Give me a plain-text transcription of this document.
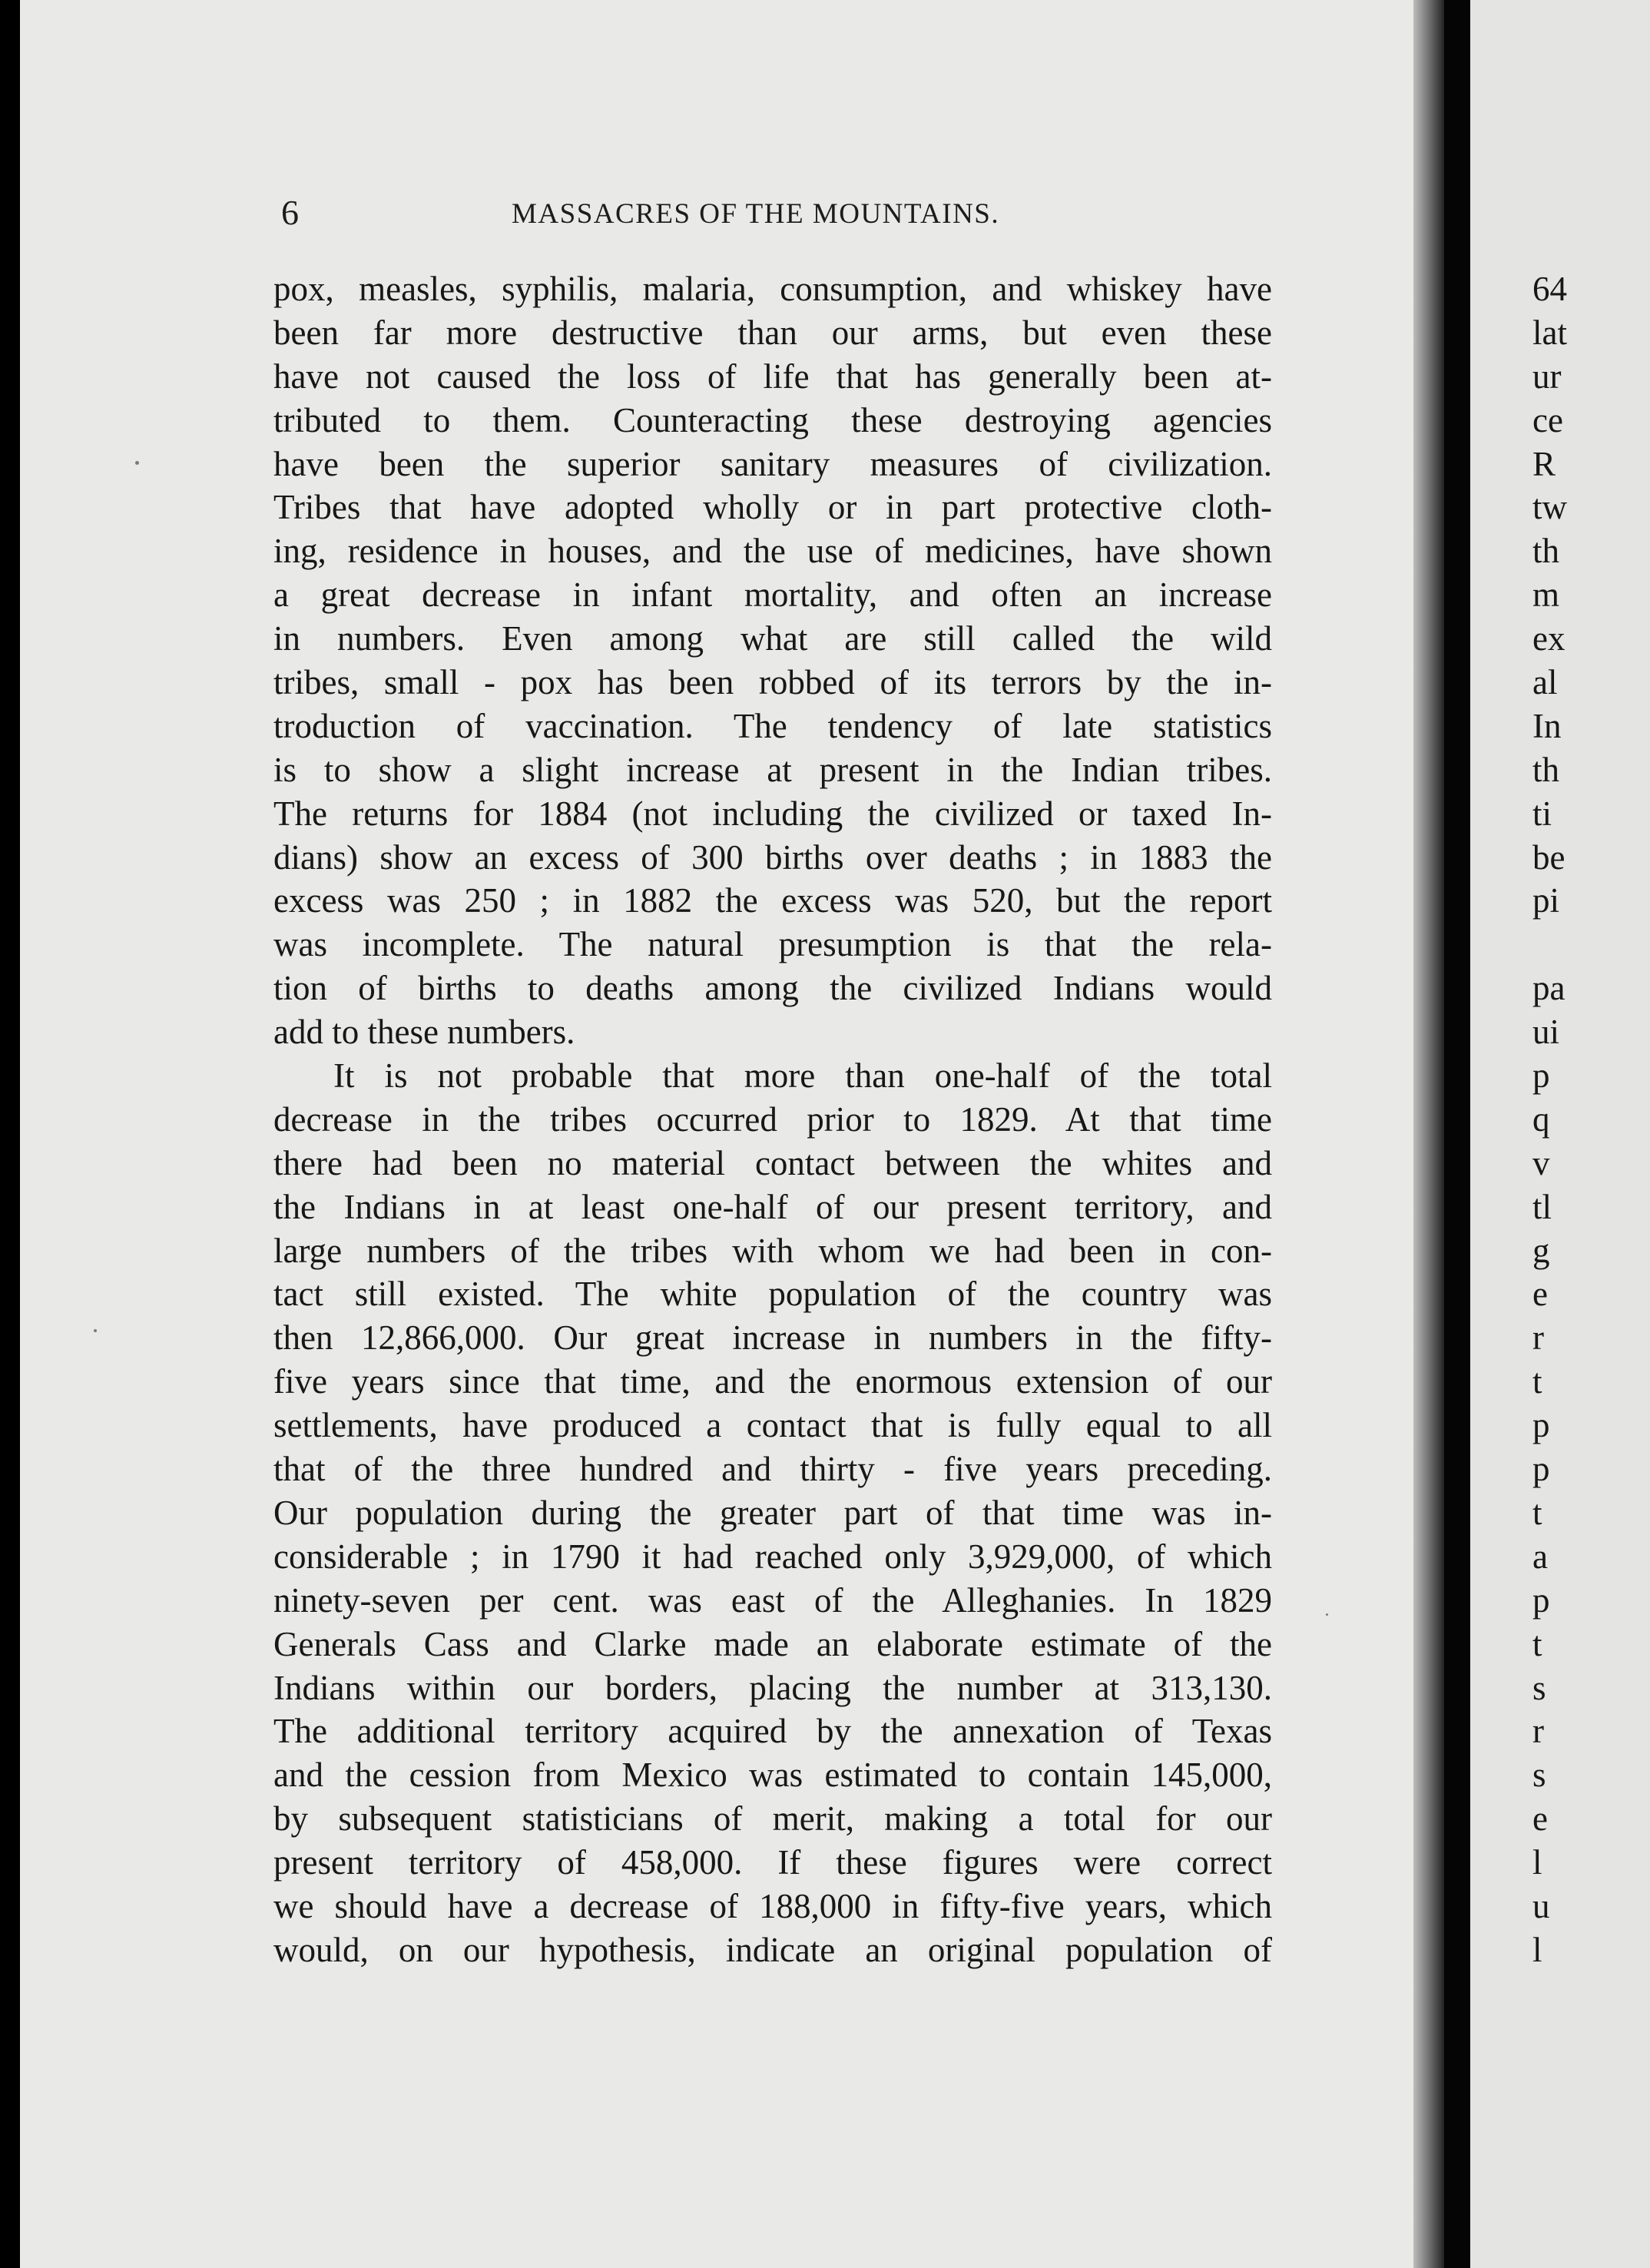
6	MASSACRES OF THE MOUNTAINS.
pox, measles, syphilis, malaria, consumption, and whiskey have
been far more destructive than our arms, but even these
have not caused the loss of life that has generally been at-
tributed to them. Counteracting these destroying agencies
have been the superior sanitary measures of civilization.
Tribes that have adopted wholly or in part protective cloth-
ing, residence in houses, and the use of medicines, have shown
a great decrease in infant mortality, and often an increase
in numbers. Even among what are still called the wild
tribes, small - pox has been robbed of its terrors by the in-
troduction of vaccination. The tendency of late statistics
is to show a slight increase at present in the Indian tribes.
The returns for 1884 (not including the civilized or taxed In-
dians) show an excess of 300 births over deaths ; in 1883 the
excess was 250 ; in 1882 the excess was 520, but the report
was incomplete. The natural presumption is that the rela-
tion of births to deaths among the civilized Indians would
add to these numbers.
It is not probable that more than one-half of the total
decrease in the tribes occurred prior to 1829. At that time
there had been no material contact between the whites and
the Indians in at least one-half of our present territory, and
large numbers of the tribes with whom we had been in con-
tact still existed. The white population of the country was
then 12,866,000. Our great increase in numbers in the fifty-
five years since that time, and the enormous extension of our
settlements, have produced a contact that is fully equal to all
that of the three hundred and thirty - five years preceding.
Our population during the greater part of that time was in-
considerable ; in 1790 it had reached only 3,929,000, of which
ninety-seven per cent. was east of the Alleghanies. In 1829
Generals Cass and Clarke made an elaborate estimate of the
Indians within our borders, placing the number at 313,130.
The additional territory acquired by the annexation of Texas
and the cession from Mexico was estimated to contain 145,000,
by subsequent statisticians of merit, making a total for our
present territory of 458,000. If these figures were correct
we should have a decrease of 188,000 in fifty-five years, which
would, on our hypothesis, indicate an original population of
64
lat
ur
ce
R
tw
th
m
ex
al
In
th
ti
be
pi
pa
ui
p
q
v
tl
g
e
r
t
p
p
t
a
p
t
s
r
s
e
l
u
l
